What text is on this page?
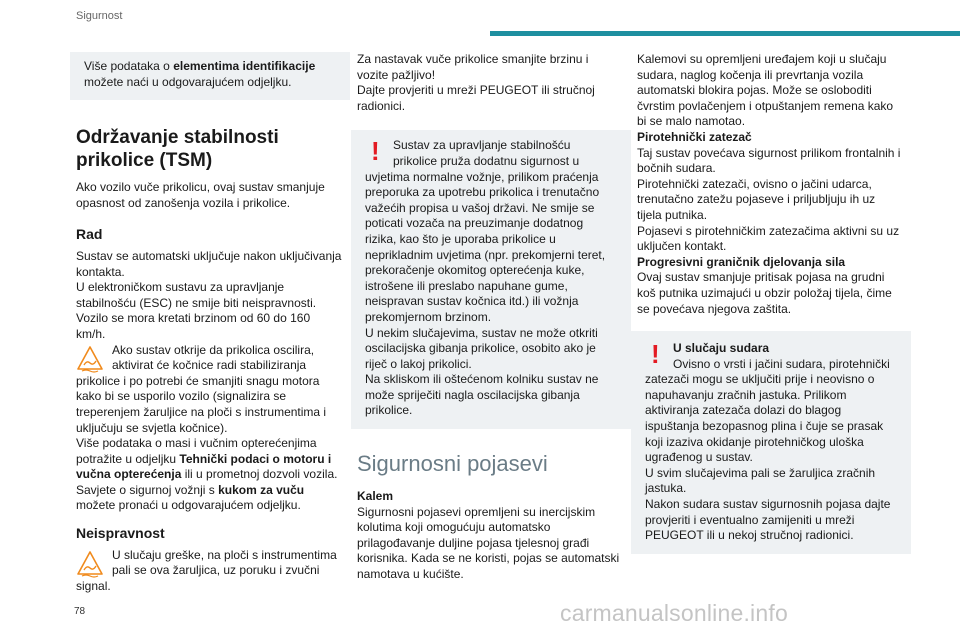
Sigurnost

Više podataka o elementima identifikacije možete naći u odgovarajućem odjeljku.

Održavanje stabilnosti prikolice (TSM)

Ako vozilo vuče prikolicu, ovaj sustav smanjuje opasnost od zanošenja vozila i prikolice.

Rad

Sustav se automatski uključuje nakon uključivanja kontakta.

U elektroničkom sustavu za upravljanje stabilnošću (ESC) ne smije biti neispravnosti.

Vozilo se mora kretati brzinom od 60 do 160 km/h.

Ako sustav otkrije da prikolica oscilira, aktivirat će kočnice radi stabiliziranja prikolice i po potrebi će smanjiti snagu motora kako bi se usporilo vozilo (signalizira se treperenjem žaruljice na ploči s instrumentima i uključuju se svjetla kočnice).

Više podataka o masi i vučnim opterećenjima potražite u odjeljku Tehnički podaci o motoru i vučna opterećenja ili u prometnoj dozvoli vozila.

Savjete o sigurnoj vožnji s kukom za vuču možete pronaći u odgovarajućem odjeljku.

Neispravnost

U slučaju greške, na ploči s instrumentima pali se ova žaruljica, uz poruku i zvučni signal.

Za nastavak vuče prikolice smanjite brzinu i vozite pažljivo!

Dajte provjeriti u mreži PEUGEOT ili stručnoj radionici.

!	Sustav za upravljanje stabilnošću prikolice pruža dodatnu sigurnost u uvjetima normalne vožnje, prilikom praćenja preporuka za upotrebu prikolica i trenutačno važećih propisa u vašoj državi. Ne smije se poticati vozača na preuzimanje dodatnog rizika, kao što je uporaba prikolice u neprikladnim uvjetima (npr. prekomjerni teret, prekoračenje okomitog opterećenja kuke, istrošene ili preslabo napuhane gume, neispravan sustav kočnica itd.) ili vožnja prekomjernom brzinom.

U nekim slučajevima, sustav ne može otkriti oscilacijska gibanja prikolice, osobito ako je riječ o lakoj prikolici.

Na skliskom ili oštećenom kolniku sustav ne može spriječiti nagla oscilacijska gibanja prikolice.

Sigurnosni pojasevi

Kalem

Sigurnosni pojasevi opremljeni su inercijskim kolutima koji omogućuju automatsko prilagođavanje duljine pojasa tjelesnoj građi korisnika. Kada se ne koristi, pojas se automatski namotava u kućište.

Kalemovi su opremljeni uređajem koji u slučaju sudara, naglog kočenja ili prevrtanja vozila automatski blokira pojas. Može se osloboditi čvrstim povlačenjem i otpuštanjem remena kako bi se malo namotao.

Pirotehnički zatezač

Taj sustav povećava sigurnost prilikom frontalnih i bočnih sudara.

Pirotehnički zatezači, ovisno o jačini udarca, trenutačno zatežu pojaseve i priljubljuju ih uz tijela putnika.

Pojasevi s pirotehničkim zatezačima aktivni su uz uključen kontakt.

Progresivni graničnik djelovanja sila

Ovaj sustav smanjuje pritisak pojasa na grudni koš putnika uzimajući u obzir položaj tijela, čime se povećava njegova zaštita.

!	U slučaju sudara

Ovisno o vrsti i jačini sudara, pirotehnički zatezači mogu se uključiti prije i neovisno o napuhavanju zračnih jastuka. Prilikom aktiviranja zatezača dolazi do blagog ispuštanja bezopasnog plina i čuje se prasak koji izaziva okidanje pirotehničkog uloška ugrađenog u sustav.

U svim slučajevima pali se žaruljica zračnih jastuka.

Nakon sudara sustav sigurnosnih pojasa dajte provjeriti i eventualno zamijeniti u mreži PEUGEOT ili u nekoj stručnoj radionici.

78	carmanualsonline.info
